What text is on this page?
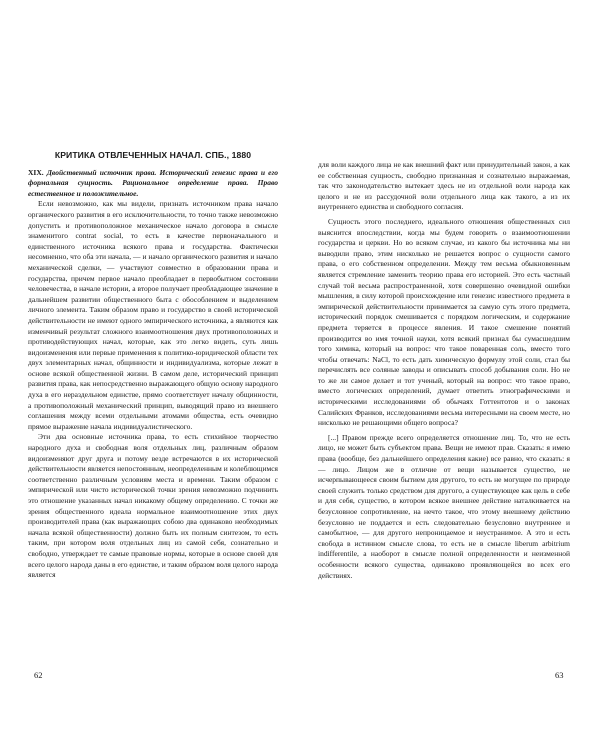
КРИТИКА ОТВЛЕЧЕННЫХ НАЧАЛ. СПБ., 1880

XIX. Двойственный источник права. Исторический генезис права и его формальная сущность. Рациональное определение права. Право естественное и положительное.

Если невозможно, как мы видели, признать источником права начало органического развития в его исключительности, то точно также невозможно допустить и противоположное механическое начало договора в смысле знаменитого contrat social, то есть в качестве первоначального и единственного источника всякого права и государства. Фактически несомненно, что оба эти начала, — и начало органического развития и начало механической сделки, — участвуют совместно в образовании права и государства, причем первое начало преобладает в первобытном состоянии человечества, в начале истории, а второе получает преобладающее значение в дальнейшем развитии общественного быта с обособлением и выделением личного элемента. Таким образом право и государство в своей исторической действительности не имеют одного эмпирического источника, а являются как изменчивый результат сложного взаимоотношения двух противоположных и противодействующих начал, которые, как это легко видеть, суть лишь видоизменения или первые применения к политико-юридической области тех двух элементарных начал, общинности и индивидуализма, которые лежат в основе всякой общественной жизни. В самом деле, исторический принцип развития права, как непосредственно выражающего общую основу народного духа в его нераздельном единстве, прямо соответствует началу общинности, а противоположный механический принцип, выводящий право из внешнего соглашения между всеми отдельными атомами общества, есть очевидно прямое выражение начала индивидуалистического.

Эти два основные источника права, то есть стихийное творчество народного духа и свободная воля отдельных лиц, различным образом видоизменяют друг друга и потому везде встречаются в их исторической действительности является непостоянным, неопределенным и колеблющимся соответственно различным условиям места и времени. Таким образом с эмпирической или чисто исторической точки зрения невозможно подчинить это отношение указанных начал никакому общему определению. С точки же зрения общественного идеала нормальное взаимоотношение этих двух производителей права (как выражающих собою два одинаково необходимых начала всякой общественности) должно быть их полным синтезом, то есть таким, при котором воля отдельных лиц из самой себя, сознательно и свободно, утверждает те самые правовые нормы, которые в основе своей для всего целого народа даны в его единстве, и таким образом воля целого народа является

для воли каждого лица не как внешний факт или принудительный закон, а как ее собственная сущность, свободно признанная и сознательно выражаемая, так что законодательство вытекает здесь не из отдельной воли народа как целого и не из рассудочной воли отдельного лица как такого, а из их внутреннего единства и свободного согласия.

Сущность этого последнего, идеального отношения общественных сил выяснится впоследствии, когда мы будем говорить о взаимоотношении государства и церкви. Но во всяком случае, из какого бы источника мы ни выводили право, этим нисколько не решается вопрос о сущности самого права, о его собственном определении. Между тем весьма обыкновенным является стремление заменить теорию права его историей. Это есть частный случай той весьма распространенной, хотя совершенно очевидной ошибки мышления, в силу которой происхождение или генезис известного предмета в эмпирической действительности принимается за самую суть этого предмета, исторический порядок смешивается с порядком логическим, и содержание предмета теряется в процессе явления. И такое смешение понятий производится во имя точной науки, хотя всякий признал бы сумасшедшим того химика, который на вопрос: что такое поваренная соль, вместо того чтобы отвечать: NaCl, то есть дать химическую формулу этой соли, стал бы перечислять все соляные заводы и описывать способ добывания соли. Но не то же ли самое делает и тот ученый, который на вопрос: что такое право, вместо логических определений, думает ответить этнографическими и историческими исследованиями об обычаях Готтентотов и о законах Салийских Франков, исследованиями весьма интересными на своем месте, но нисколько не решающими общего вопроса?

[...] Правом прежде всего определяется отношение лиц. То, что не есть лицо, не может быть субъектом права. Вещи не имеют прав. Сказать: я имею права (вообще, без дальнейшего определения какие) все равно, что сказать: я — лицо. Лицом же в отличие от вещи называется существо, не исчерпывающееся своим бытием для другого, то есть не могущее по природе своей служить только средством для другого, а существующее как цель в себе и для себя, существо, в котором всякое внешнее действие наталкивается на безусловное сопротивление, на нечто такое, что этому внешнему действию безусловно не поддается и есть следовательно безусловно внутреннее и самобытное, — для другого непроницаемое и неустранимое. А это и есть свобода в истинном смысле слова, то есть не в смысле liberum arbitrium indifferentile, а наоборот в смысле полной определенности и неизменной особенности всякого существа, одинаково проявляющейся во всех его действиях.

62	63
